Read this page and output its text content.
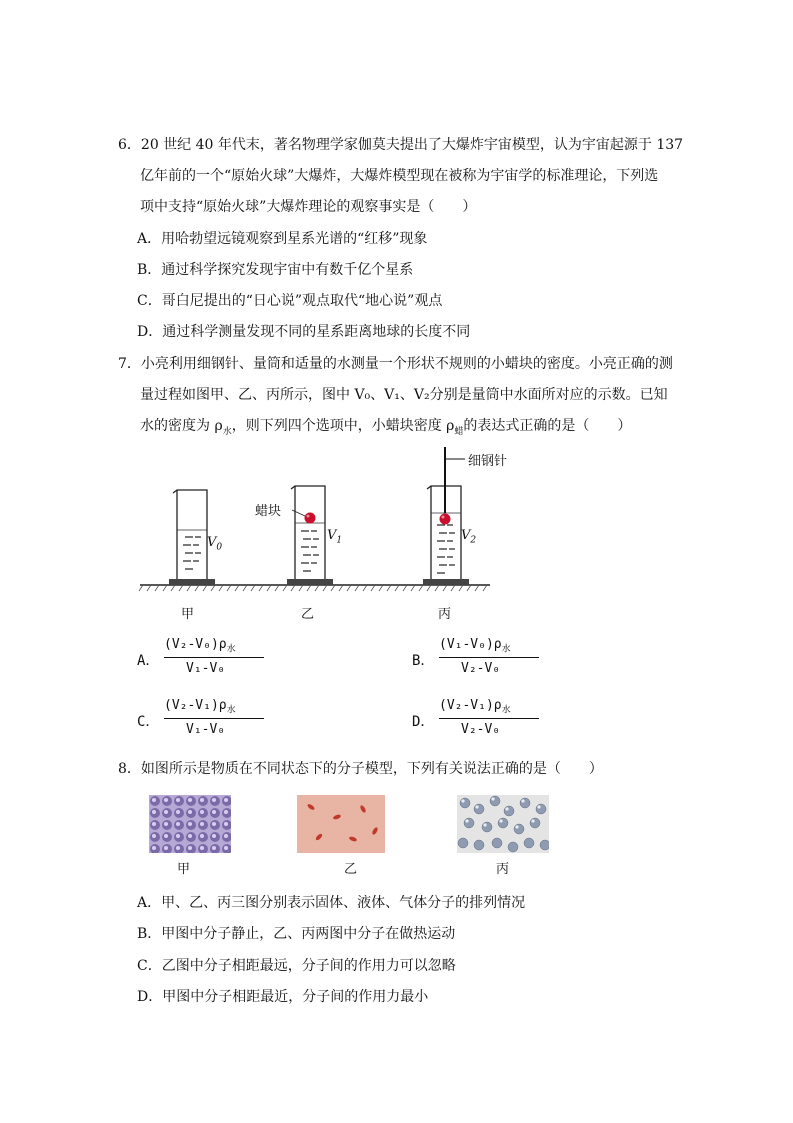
6．20 世纪 40 年代末，著名物理学家伽莫夫提出了大爆炸宇宙模型，认为宇宙起源于 137
亿年前的一个“原始火球”大爆炸，大爆炸模型现在被称为宇宙学的标准理论，下列选
项中支持“原始火球”大爆炸理论的观察事实是（　　）
A．用哈勃望远镜观察到星系光谱的“红移”现象
B．通过科学探究发现宇宙中有数千亿个星系
C．哥白尼提出的“日心说”观点取代“地心说”观点
D．通过科学测量发现不同的星系距离地球的长度不同
7．小亮利用细钢针、量筒和适量的水测量一个形状不规则的小蜡块的密度。小亮正确的测
量过程如图甲、乙、丙所示，图中 V₀、V₁、V₂分别是量筒中水面所对应的示数。已知
水的密度为 $\rho_水$，则下列四个选项中，小蜡块密度 $\rho_蜡$的表达式正确的是（　　）
细钢针
蜡块
$V_0$
$V_1$	$V_2$
甲	乙	丙
A．
$(V_2-V_0)\rho_水$
V₁-V₀	B．
$(V_1-V_0)\rho_水$
V₂-V₀
C．
$(V_2-V_1)\rho_水$
V₁-V₀	D．
$(V_2-V_1)\rho_水$
V₂-V₀
8．如图所示是物质在不同状态下的分子模型，下列有关说法正确的是（　　）
甲	乙	丙
A．甲、乙、丙三图分别表示固体、液体、气体分子的排列情况
B．甲图中分子静止，乙、丙两图中分子在做热运动
C．乙图中分子相距最远，分子间的作用力可以忽略
D．甲图中分子相距最近，分子间的作用力最小
